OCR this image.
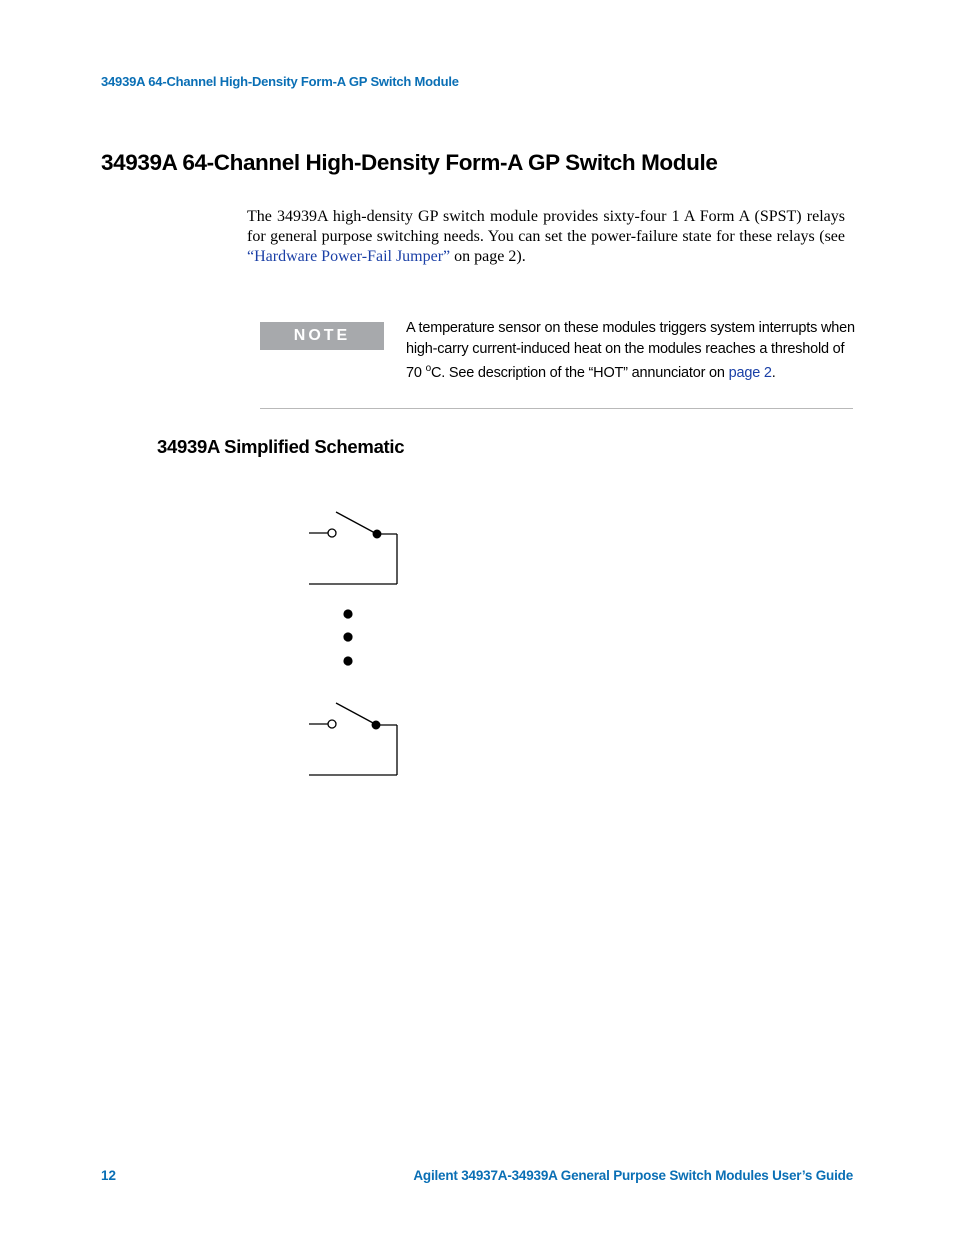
34939A 64-Channel High-Density Form-A GP Switch Module
34939A 64-Channel High-Density Form-A GP Switch Module

The 34939A high-density GP switch module provides sixty-four 1 A Form A (SPST) relays for general purpose switching needs. You can set the power-failure state for these relays (see “Hardware Power-Fail Jumper” on page 2).

NOTE	A temperature sensor on these modules triggers system interrupts when high-carry current-induced heat on the modules reaches a threshold of 70 $^o$C. See description of the “HOT” annunciator on page 2.

34939A Simplified Schematic
12	Agilent 34937A-34939A General Purpose Switch Modules User’s Guide
